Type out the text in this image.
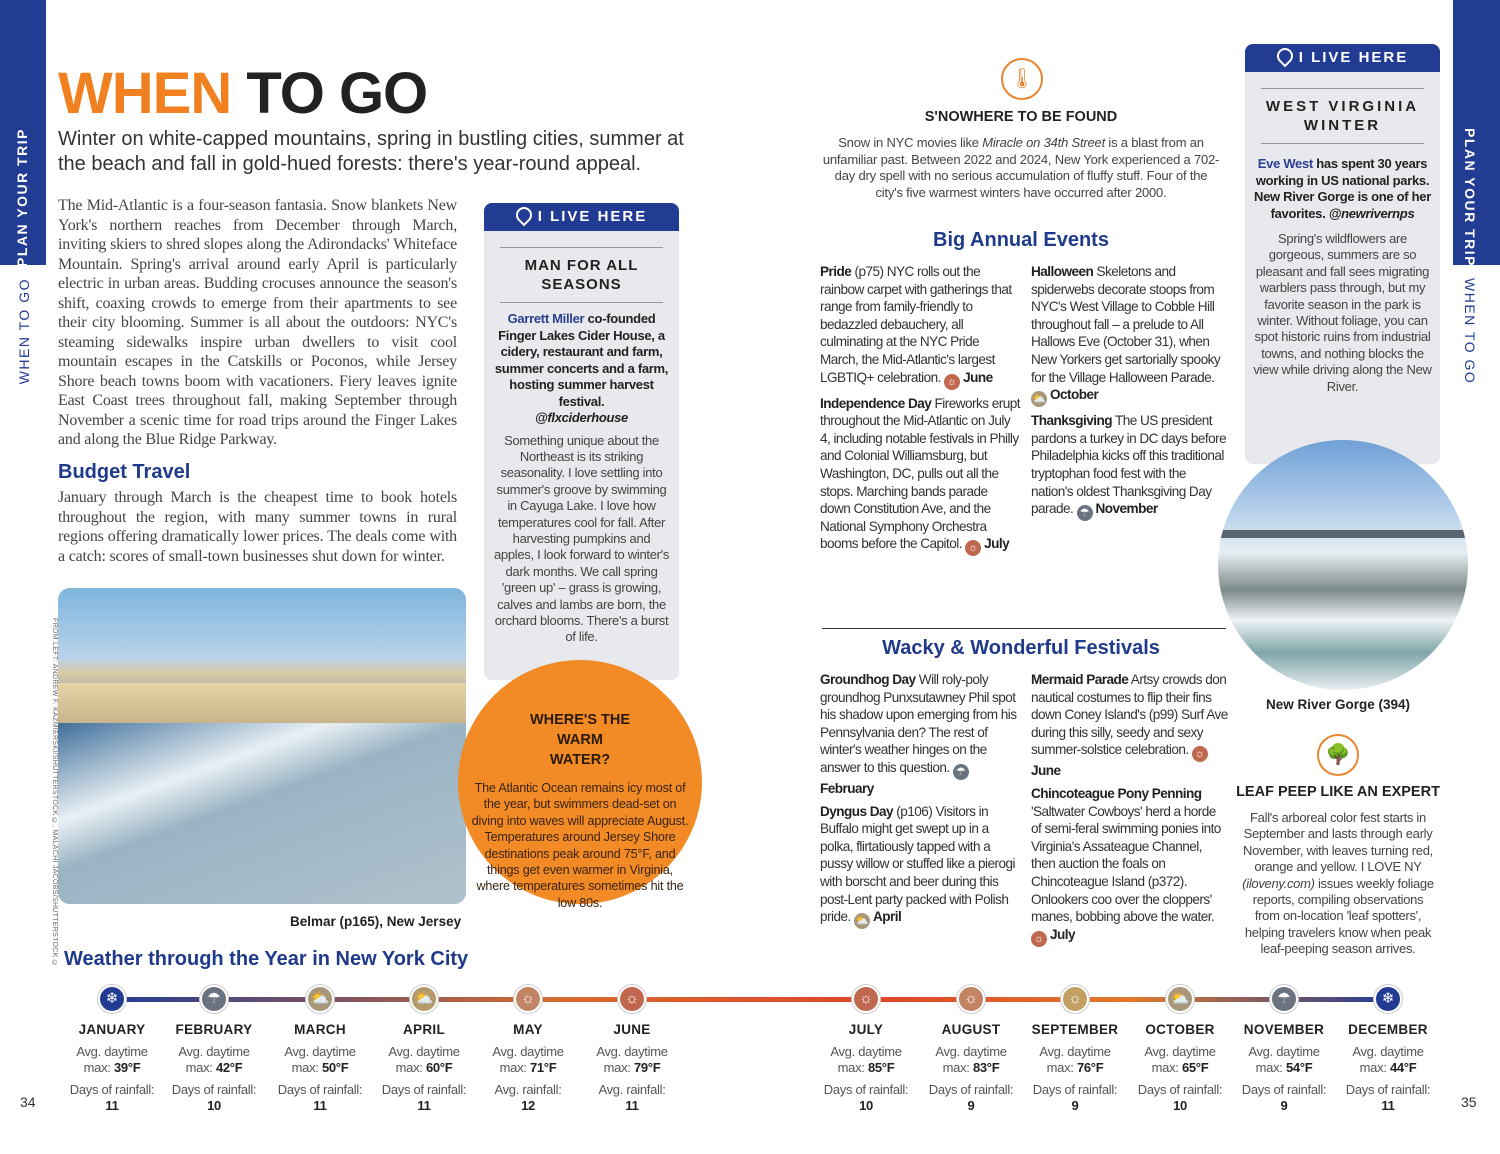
PLAN YOUR TRIP
WHEN TO GO
PLAN YOUR TRIP
WHEN TO GO
34	35
WHEN TO GO
Winter on white-capped mountains, spring in bustling cities, summer at the beach and fall in gold-hued forests: there's year-round appeal.
The Mid-Atlantic is a four-season fantasia. Snow blankets New York's northern reaches from December through March, inviting skiers to shred slopes along the Adirondacks' Whiteface Mountain. Spring's arrival around early April is particularly electric in urban areas. Budding crocuses announce the season's shift, coaxing crowds to emerge from their apartments to see their city blooming. Summer is all about the outdoors: NYC's steaming sidewalks inspire urban dwellers to visit cool mountain escapes in the Catskills or Poconos, while Jersey Shore beach towns boom with vacationers. Fiery leaves ignite East Coast trees throughout fall, making September through November a scenic time for road trips around the Finger Lakes and along the Blue Ridge Parkway.
Budget Travel
January through March is the cheapest time to book hotels throughout the region, with many summer towns in rural regions offering dramatically lower prices. The deals come with a catch: scores of small-town businesses shut down for winter.
FROM LEFT: ANDREW F. KAZMIERSKI/SHUTTERSTOCK ©, MALACHI JACOBS/SHUTTERSTOCK ©	Belmar (p165), New Jersey
I LIVE HERE
MAN FOR ALL SEASONS
Garrett Miller co-founded Finger Lakes Cider House, a cidery, restaurant and farm, summer concerts and a farm, hosting summer harvest festival.
@flxciderhouse
Something unique about the Northeast is its striking seasonality. I love settling into summer's groove by swimming in Cayuga Lake. I love how temperatures cool for fall. After harvesting pumpkins and apples, I look forward to winter's dark months. We call spring 'green up' – grass is growing, calves and lambs are born, the orchard blooms. There's a burst of life.
WHERE'S THE WARM WATER?
The Atlantic Ocean remains icy most of the year, but swimmers dead-set on diving into waves will appreciate August. Temperatures around Jersey Shore destinations peak around 75°F, and things get even warmer in Virginia, where temperatures sometimes hit the low 80s.
🌡
S'NOWHERE TO BE FOUND
Snow in NYC movies like Miracle on 34th Street is a blast from an unfamiliar past. Between 2022 and 2024, New York experienced a 702-day dry spell with no serious accumulation of fluffy stuff. Four of the city's five warmest winters have occurred after 2000.
Big Annual Events
Pride (p75) NYC rolls out the rainbow carpet with gatherings that range from family-friendly to bedazzled debauchery, all culminating at the NYC Pride March, the Mid-Atlantic's largest LGBTIQ+ celebration. ☼ June
Independence Day Fireworks erupt throughout the Mid-Atlantic on July 4, including notable festivals in Philly and Colonial Williamsburg, but Washington, DC, pulls out all the stops. Marching bands parade down Constitution Ave, and the National Symphony Orchestra booms before the Capitol. ☼ July
Halloween Skeletons and spiderwebs decorate stoops from NYC's West Village to Cobble Hill throughout fall – a prelude to All Hallows Eve (October 31), when New Yorkers get sartorially spooky for the Village Halloween Parade. ⛅ October
Thanksgiving The US president pardons a turkey in DC days before Philadelphia kicks off this traditional tryptophan food fest with the nation's oldest Thanksgiving Day parade. ☂ November
Wacky & Wonderful Festivals
Groundhog Day Will roly-poly groundhog Punxsutawney Phil spot his shadow upon emerging from his Pennsylvania den? The rest of winter's weather hinges on the answer to this question. ☂February
Dyngus Day (p106) Visitors in Buffalo might get swept up in a polka, flirtatiously tapped with a pussy willow or stuffed like a pierogi with borscht and beer during this post-Lent party packed with Polish pride. ⛅ April
Mermaid Parade Artsy crowds don nautical costumes to flip their fins down Coney Island's (p99) Surf Ave during this silly, seedy and sexy summer-solstice celebration. ☼June
Chincoteague Pony Penning 'Saltwater Cowboys' herd a horde of semi-feral swimming ponies into Virginia's Assateague Channel, then auction the foals on Chincoteague Island (p372). Onlookers coo over the cloppers' manes, bobbing above the water. ☼ July
I LIVE HERE
WEST VIRGINIA WINTER
Eve West has spent 30 years working in US national parks. New River Gorge is one of her favorites. @newrivernps
Spring's wildflowers are gorgeous, summers are so pleasant and fall sees migrating warblers pass through, but my favorite season in the park is winter. Without foliage, you can spot historic ruins from industrial towns, and nothing blocks the view while driving along the New River.
New River Gorge (394)
🌳
LEAF PEEP LIKE AN EXPERT
Fall's arboreal color fest starts in September and lasts through early November, with leaves turning red, orange and yellow. I LOVE NY (iloveny.com) issues weekly foliage reports, compiling observations from on-location 'leaf spotters', helping travelers know when peak leaf-peeping season arrives.
Weather through the Year in New York City
❄
JANUARY
Avg. daytime max: 39°F
Days of rainfall:
11
☂
FEBRUARY
Avg. daytime max: 42°F
Days of rainfall:
10
⛅
MARCH
Avg. daytime max: 50°F
Days of rainfall:
11
⛅
APRIL
Avg. daytime max: 60°F
Days of rainfall:
11
☼
MAY
Avg. daytime max: 71°F
Avg. rainfall:
12
☼
JUNE
Avg. daytime max: 79°F
Avg. rainfall:
11
☼
JULY
Avg. daytime max: 85°F
Days of rainfall:
10
☼
AUGUST
Avg. daytime max: 83°F
Days of rainfall:
9
☼
SEPTEMBER
Avg. daytime max: 76°F
Days of rainfall:
9
⛅
OCTOBER
Avg. daytime max: 65°F
Days of rainfall:
10
☂
NOVEMBER
Avg. daytime max: 54°F
Days of rainfall:
9
❄
DECEMBER
Avg. daytime max: 44°F
Days of rainfall:
11
